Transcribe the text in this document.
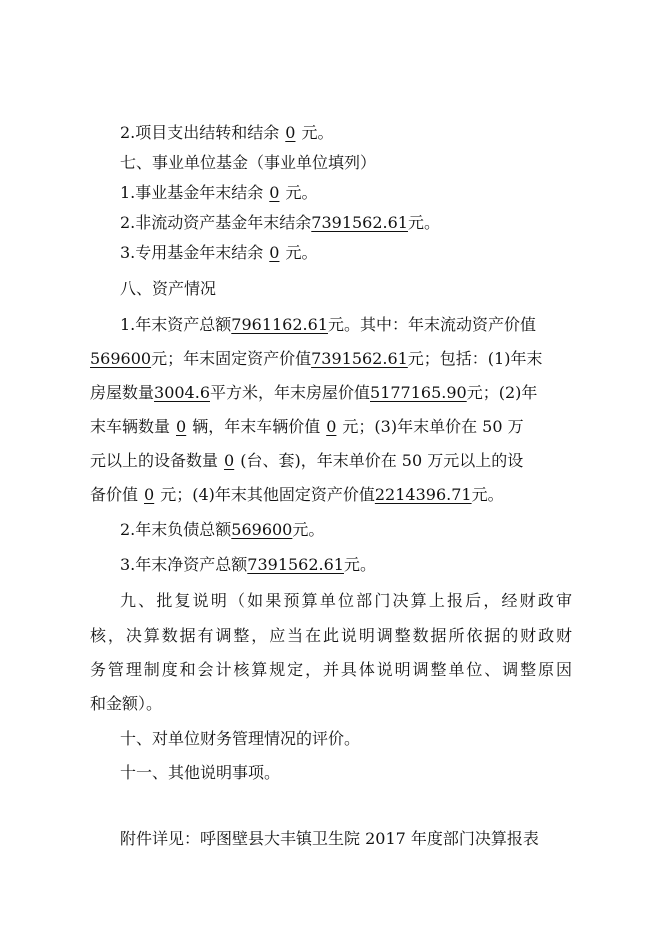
2.项目支出结转和结余 0 元。
七、事业单位基金（事业单位填列）
1.事业基金年末结余 0 元。
2.非流动资产基金年末结余7391562.61元。
3.专用基金年末结余 0 元。
八、资产情况
1.年末资产总额7961162.61元。其中：年末流动资产价值
569600元；年末固定资产价值7391562.61元；包括：(1)年末
房屋数量3004.6平方米，年末房屋价值5177165.90元；(2)年
末车辆数量 0 辆，年末车辆价值 0 元；(3)年末单价在 50 万
元以上的设备数量 0 (台、套)，年末单价在 50 万元以上的设
备价值 0 元；(4)年末其他固定资产价值2214396.71元。
2.年末负债总额569600元。
3.年末净资产总额7391562.61元。
九、批复说明（如果预算单位部门决算上报后，经财政审
核，决算数据有调整，应当在此说明调整数据所依据的财政财
务管理制度和会计核算规定，并具体说明调整单位、调整原因
和金额）。
十、对单位财务管理情况的评价。
十一、其他说明事项。
附件详见：呼图壁县大丰镇卫生院 2017 年度部门决算报表
